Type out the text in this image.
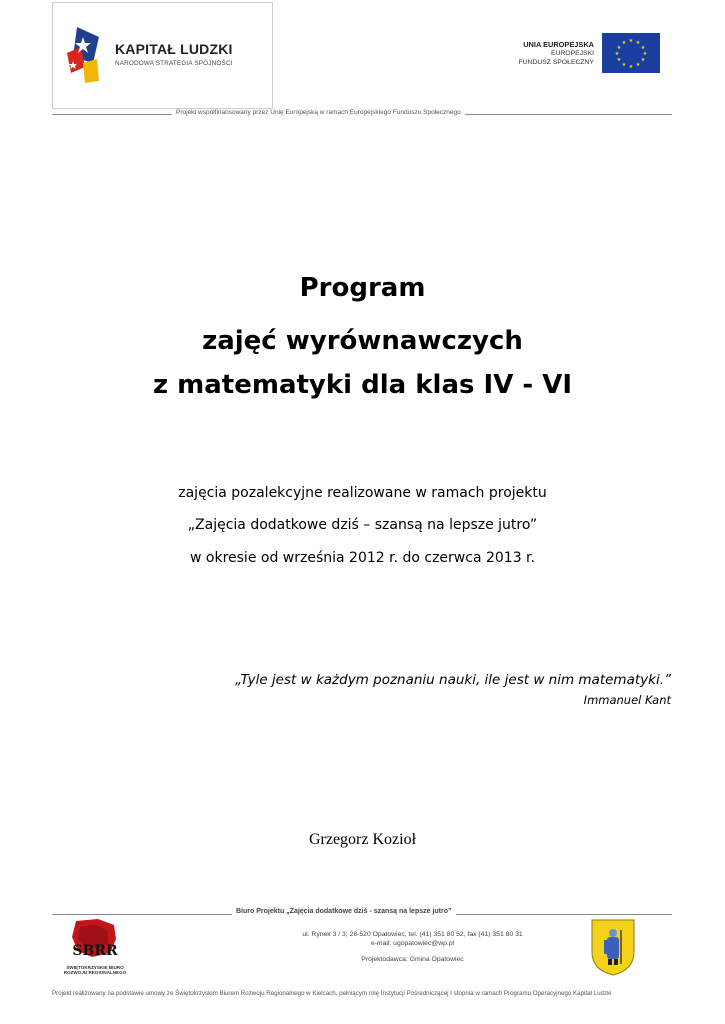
KAPITAŁ LUDZKI
NARODOWA STRATEGIA SPÓJNOŚCI
UNIA EUROPEJSKA
EUROPEJSKI
FUNDUSZ SPOŁECZNY
★ ★
★
★
★
★
★
★
★
★
★
★
Projekt współfinansowany przez Unię Europejską w ramach Europejskiego Funduszu Społecznego
Program
zajęć wyrównawczych
z matematyki dla klas IV - VI
zajęcia pozalekcyjne realizowane w ramach projektu
„Zajęcia dodatkowe dziś – szansą na lepsze jutro”
w okresie od września 2012 r. do czerwca 2013 r.
„Tyle jest w każdym poznaniu nauki, ile jest w nim matematyki.”
Immanuel Kant
Grzegorz Kozioł
Biuro Projektu „Zajęcia dodatkowe dziś - szansą na lepsze jutro”
ul. Rynek 3 / 3; 28-520 Opatowiec, tel. (41) 351 80 52, fax (41) 351 80 31
e-mail: ugopatowiec@wp.pl
Projektodawca: Gmina Opatowiec
SBRR
ŚWIĘTOKRZYSKIE BIURO
ROZWOJU REGIONALNEGO
Projekt realizowany na podstawie umowy ze Świętokrzyskim Biurem Rozwoju Regionalnego w Kielcach, pełniącym rolę Instytucji Pośredniczącej I stopnia w ramach Programu Operacyjnego Kapitał Ludzki
